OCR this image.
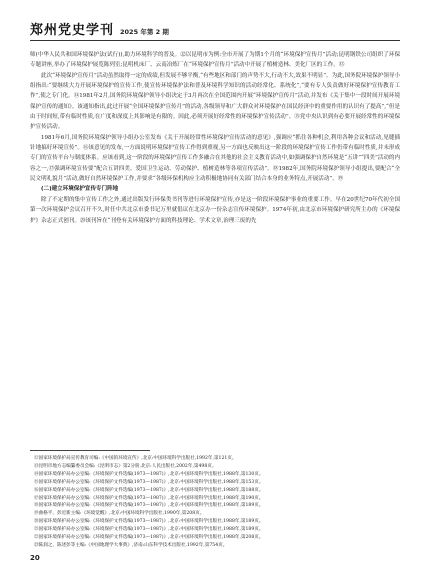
郑州党史学刊 2025 年第 2 期

师(中华人民共和国环境保护法(试行)),助力环境科学的普及。⑫以昆明市为例:全市开展了为期1个月的“环境保护宣传月”活动;昆明钢铁公司组织了环保专题讲座,举办了环境保护展览陈列室;昆明机床厂、云南冶炼厂在“环境保护宣传月”活动中开展了植树造林、美化厂区的工作。⑬

此次“环境保护宣传月”活动虽然取得一定的成绩,但发展不够平衡,“有些地区和部门的声势不大,行动不大,效果不明显”。为此,国务院环境保护领导小组指出:“要继续大力开展环境保护的宣传工作,使宣传环境保护法和普及环境科学知识的活动经常化、系统化”,“要有专人负责做好环境保护宣传教育工作”,使之专门化。⑭1981年2月,国务院环境保护领导小组决定于3月再次在全国范围内开展“环境保护宣传月”活动,并发布《关于集中一段时间开展环境保护宣传的通知》。该通知指出,此过开展“全国环境保护宣传月”的活动,各级领导和广大群众对环境保护在国民经济中的重要作用的认识有了提高”,“但是由于时间短,带有临时性质,在广度和深度上其影响是有限的。因此,必须开展好经常性的环境保护宣传活动”。⑮党中央认识到有必要开展经常性的环境保护宣传活动。

1981年6月,国务院环境保护领导小组办公室发布《关于开展经常性环境保护宣传活动的意见》,强调应“抓住各种机会,利用各种会议和活动,见缝插针地搞好环境宣传”。⑯该意见的发布,一方面说明环境保护宣传工作得到重视,另一方面也反映出这一阶段的环境保护宣传工作仍带有临时性质,并未形成专门的宣传平台与制度体系。应该看到,这一阶段的环境保护宣传工作多融合在其他的社会主义教育活动中,如强调保护自然环境是“五讲”“四美”活动的内容之一,⑰强调环境宣传要“配合五讲四美、爱国卫生运动、劳动保护、植树造林等各项宣传活动”。⑱1982年,国务院环境保护领导小组提出,要配合“全民文明礼貌月”活动,做好自然环境保护工作,并要求“各级环保机构应主动积极地协同有关部门结合本身的业务特点,开展活动”。⑲

(二)建立环境保护宣传专门阵地

除了不定期的集中宣传工作之外,通过出版发行环保类书刊等进行环境保护宣传,亦是这一阶段环境保护事业的重要工作。早在20世纪70年代初全国第一次环境保护会议召开不久,时任中共北京市委书记万里就倡议在北京办一份杂志宣传环境保护。1974年初,由北京市环境保护研究所主办的《环境保护》杂志正式创刊。⑳该刊旨在“刊登有关环境保护方面的科技理论、学术文章,治理三废的先

⑫国家环境保护局宣传教育司编:《中国的环境宣传》,北京:中国环境科学出版社,1992年,第121页。
⑬昆明市地方志编纂委员会编:《昆明市志》第2分册,北京:人民出版社,2002年,第498页。
⑭国家环境保护局办公室编:《环境保护文件选编(1973—1987)》,北京:中国环境科学出版社,1988年,第130页。
⑮国家环境保护局办公室编:《环境保护文件选编(1973—1987)》,北京:中国环境科学出版社,1988年,第153页。
⑯国家环境保护局办公室编:《环境保护文件选编(1973—1987)》,北京:中国环境科学出版社,1988年,第188页。
⑰国家环境保护局办公室编:《环境保护文件选编(1973—1987)》,北京:中国环境科学出版社,1988年,第190页。
⑱国家环境保护局办公室编:《环境保护文件选编(1973—1987)》,北京:中国环境科学出版社,1988年,第189页。
⑲曲格平、彭近新主编:《环境觉醒》,北京:中国环境科学出版社,1990年,第208页。
⑳国家环境保护局办公室编:《环境保护文件选编(1973—1987)》,北京:中国环境科学出版社,1988年,第189页。
㉑国家环境保护局办公室编:《环境保护文件选编(1973—1987)》,北京:中国环境科学出版社,1988年,第189页。
㉒国家环境保护局办公室编:《环境保护文件选编(1973—1987)》,北京:中国环境科学出版社,1988年,第208页。
㉓陈润之、陈述彭等主编:《中国地理学大事典》,济南:山东科学技术出版社,1992年,第754页。
20
